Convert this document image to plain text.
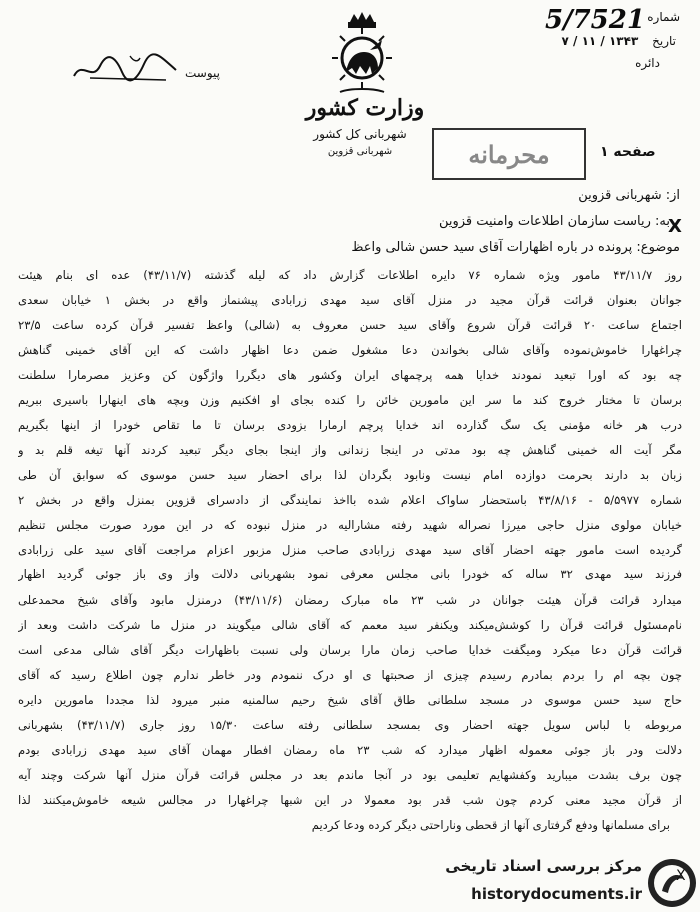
پیوست
وزارت کشور
شهربانی کل کشور
شهربانی قزوین
5/7521 شماره
تاریخ ۱۳۴۳ / ۱۱ / ۷
دائره
محرمانه	صفحه ۱
از: شهربانی قزوین
به: ریاست سازمان اطلاعات وامنیت قزوین
X
موضوع: پرونده در باره اظهارات آقای سید حسن شالی واعظ
روز ۴۳/۱۱/۷ مامور ویژه شماره ۷۶ دایره اطلاعات گزارش داد که لیله گذشته (۴۳/۱۱/۷) عده ای بنام هیئت
جوانان بعنوان قرائت قرآن مجید در منزل آقای سید مهدی زرابادی پیشنماز واقع در بخش ۱ خیابان سعدی
اجتماع ساعت ۲۰ قرائت قرآن شروع وآقای سید حسن معروف به (شالی) واعظ تفسیر قرآن کرده ساعت ۲۳/۵
چراغهارا خاموش‌نموده وآقای شالی بخواندن دعا مشغول ضمن دعا اظهار داشت که این آقای خمینی گناهش
چه بود که اورا تبعید نمودند خدایا همه پرچمهای ایران وکشور های دیگررا واژگون کن وعزیز مصرمارا سلطنت
برسان تا مختار خروج کند ما سر این مامورین خائن را کنده بجای او افکنیم وزن وبچه های اینهارا باسیری ببریم
درب هر خانه مؤمنی یک سگ گذارده اند خدایا پرچم ارمارا بزودی برسان تا ما تقاص خودرا از اینها بگیریم
مگر آیت اله خمینی گناهش چه بود مدتی در اینجا زندانی واز اینجا بجای دیگر تبعید کردند آنها تیغه قلم بد و
زبان بد دارند بحرمت دوازده امام نیست ونابود بگردان لذا برای احضار سید حسن موسوی که سوابق آن طی
شماره ۵/۵۹۷۷ - ۴۳/۸/۱۶ باستحضار ساواک اعلام شده بااخذ نمایندگی از دادسرای قزوین بمنزل واقع در بخش ۲
خیابان مولوی منزل حاجی میرزا نصراله شهید رفته مشارالیه در منزل نبوده که در این مورد صورت مجلس تنظیم
گردیده است مامور جهته احضار آقای سید مهدی زرابادی صاحب منزل مزبور اعزام مراجعت آقای سید علی زرابادی
فرزند سید مهدی ۳۲ ساله که خودرا بانی مجلس معرفی نمود بشهربانی دلالت واز وی باز جوئی گردید اظهار
میدارد قرائت قرآن هیئت جوانان در شب ۲۳ ماه مبارک رمضان (۴۳/۱۱/۶) درمنزل مابود وآقای شیخ محمدعلی
نام‌مسئول قرائت قرآن را کوشش‌میکند ویکنفر سید معمم که آقای شالی میگویند در منزل ما شرکت داشت وبعد از
قرائت قرآن دعا میکرد وميگفت خدایا صاحب زمان مارا برسان ولی نسبت باظهارات دیگر آقای شالی مدعی است
چون بچه ام را بردم بمادرم رسیدم چیزی از صحبتها ی او درک ننمودم ودر خاطر ندارم چون اطلاع رسید که آقای
حاج سید حسن موسوی در مسجد سلطانی طاق آقای شیخ رحیم سالمنیه منبر میرود لذا مجددا مامورین دایره
مربوطه با لباس سویل جهته احضار وی بمسجد سلطانی رفته ساعت ۱۵/۳۰ روز جاری (۴۳/۱۱/۷) بشهربانی
دلالت ودر باز جوئی معموله اظهار میدارد که شب ۲۳ ماه رمضان افطار مهمان آقای سید مهدی زرابادی بودم
چون برف بشدت میبارید وکفشهایم تعلیمی بود در آنجا ماندم بعد در مجلس قرائت قرآن منزل آنها شرکت وچند آیه
از قرآن مجید معنی کردم چون شب قدر بود معمولا در این شبها چراغهارا در مجالس شیعه خاموش‌میکنند لذا
برای مسلمانها ودفع گرفتاری آنها از قحطی وناراحتی دیگر کرده ودعا کردیم
مرکز بررسی اسناد تاریخی
historydocuments.ir
X
